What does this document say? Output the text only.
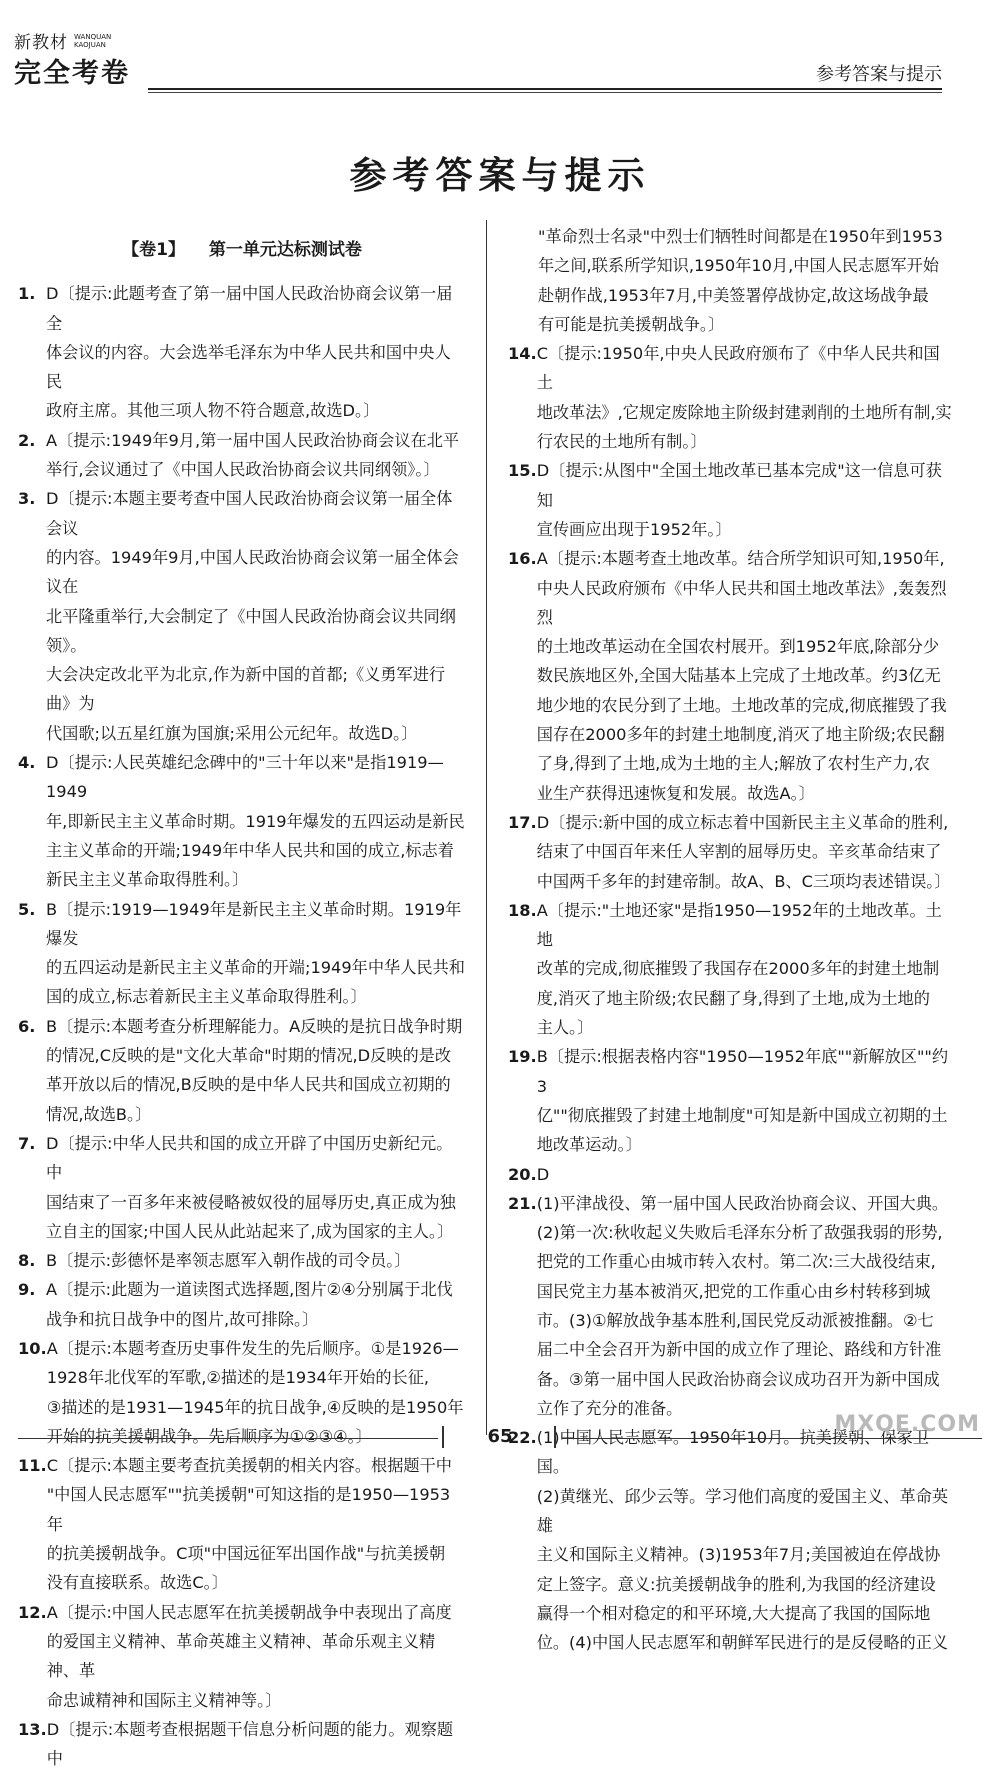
新教材 WANQUAN
KAOJUAN
完全考卷	参考答案与提示
参考答案与提示
【卷1】 第一单元达标测试卷
1. D〔提示:此题考查了第一届中国人民政治协商会议第一届全

体会议的内容。大会选举毛泽东为中华人民共和国中央人民

政府主席。其他三项人物不符合题意,故选D。〕

2. A〔提示:1949年9月,第一届中国人民政治协商会议在北平

举行,会议通过了《中国人民政治协商会议共同纲领》。〕

3. D〔提示:本题主要考查中国人民政治协商会议第一届全体会议

的内容。1949年9月,中国人民政治协商会议第一届全体会议在

北平隆重举行,大会制定了《中国人民政治协商会议共同纲领》。

大会决定改北平为北京,作为新中国的首都;《义勇军进行曲》为

代国歌;以五星红旗为国旗;采用公元纪年。故选D。〕

4. D〔提示:人民英雄纪念碑中的"三十年以来"是指1919—1949

年,即新民主主义革命时期。1919年爆发的五四运动是新民

主主义革命的开端;1949年中华人民共和国的成立,标志着

新民主主义革命取得胜利。〕

5. B〔提示:1919—1949年是新民主主义革命时期。1919年爆发

的五四运动是新民主主义革命的开端;1949年中华人民共和

国的成立,标志着新民主主义革命取得胜利。〕

6. B〔提示:本题考查分析理解能力。A反映的是抗日战争时期

的情况,C反映的是"文化大革命"时期的情况,D反映的是改

革开放以后的情况,B反映的是中华人民共和国成立初期的

情况,故选B。〕

7. D〔提示:中华人民共和国的成立开辟了中国历史新纪元。中

国结束了一百多年来被侵略被奴役的屈辱历史,真正成为独

立自主的国家;中国人民从此站起来了,成为国家的主人。〕

8. B〔提示:彭德怀是率领志愿军入朝作战的司令员。〕

9. A〔提示:此题为一道读图式选择题,图片②④分别属于北伐

战争和抗日战争中的图片,故可排除。〕

10. A〔提示:本题考查历史事件发生的先后顺序。①是1926—

1928年北伐军的军歌,②描述的是1934年开始的长征,

③描述的是1931—1945年的抗日战争,④反映的是1950年

开始的抗美援朝战争。先后顺序为①②③④。〕

11. C〔提示:本题主要考查抗美援朝的相关内容。根据题干中

"中国人民志愿军""抗美援朝"可知这指的是1950—1953年

的抗美援朝战争。C项"中国远征军出国作战"与抗美援朝

没有直接联系。故选C。〕

12. A〔提示:中国人民志愿军在抗美援朝战争中表现出了高度

的爱国主义精神、革命英雄主义精神、革命乐观主义精神、革

命忠诚精神和国际主义精神等。〕

13. D〔提示:本题考查根据题干信息分析问题的能力。观察题中

"革命烈士名录"中烈士们牺牲时间都是在1950年到1953

年之间,联系所学知识,1950年10月,中国人民志愿军开始

赴朝作战,1953年7月,中美签署停战协定,故这场战争最

有可能是抗美援朝战争。〕

14. C〔提示:1950年,中央人民政府颁布了《中华人民共和国土

地改革法》,它规定废除地主阶级封建剥削的土地所有制,实

行农民的土地所有制。〕

15. D〔提示:从图中"全国土地改革已基本完成"这一信息可获知

宣传画应出现于1952年。〕

16. A〔提示:本题考查土地改革。结合所学知识可知,1950年,

中央人民政府颁布《中华人民共和国土地改革法》,轰轰烈烈

的土地改革运动在全国农村展开。到1952年底,除部分少

数民族地区外,全国大陆基本上完成了土地改革。约3亿无

地少地的农民分到了土地。土地改革的完成,彻底摧毁了我

国存在2000多年的封建土地制度,消灭了地主阶级;农民翻

了身,得到了土地,成为土地的主人;解放了农村生产力,农

业生产获得迅速恢复和发展。故选A。〕

17. D〔提示:新中国的成立标志着中国新民主主义革命的胜利,

结束了中国百年来任人宰割的屈辱历史。辛亥革命结束了

中国两千多年的封建帝制。故A、B、C三项均表述错误。〕

18. A〔提示:"土地还家"是指1950—1952年的土地改革。土地

改革的完成,彻底摧毁了我国存在2000多年的封建土地制

度,消灭了地主阶级;农民翻了身,得到了土地,成为土地的

主人。〕

19. B〔提示:根据表格内容"1950—1952年底""新解放区""约3

亿""彻底摧毁了封建土地制度"可知是新中国成立初期的土

地改革运动。〕

20. D

21. (1)平津战役、第一届中国人民政治协商会议、开国大典。

(2)第一次:秋收起义失败后毛泽东分析了敌强我弱的形势,

把党的工作重心由城市转入农村。第二次:三大战役结束,

国民党主力基本被消灭,把党的工作重心由乡村转移到城

市。(3)①解放战争基本胜利,国民党反动派被推翻。②七

届二中全会召开为新中国的成立作了理论、路线和方针准

备。③第一届中国人民政治协商会议成功召开为新中国成

立作了充分的准备。

22. (1)中国人民志愿军。1950年10月。抗美援朝、保家卫国。

(2)黄继光、邱少云等。学习他们高度的爱国主义、革命英雄

主义和国际主义精神。(3)1953年7月;美国被迫在停战协

定上签字。意义:抗美援朝战争的胜利,为我国的经济建设

赢得一个相对稳定的和平环境,大大提高了我国的国际地

位。(4)中国人民志愿军和朝鲜军民进行的是反侵略的正义

65	MXQE.COM
